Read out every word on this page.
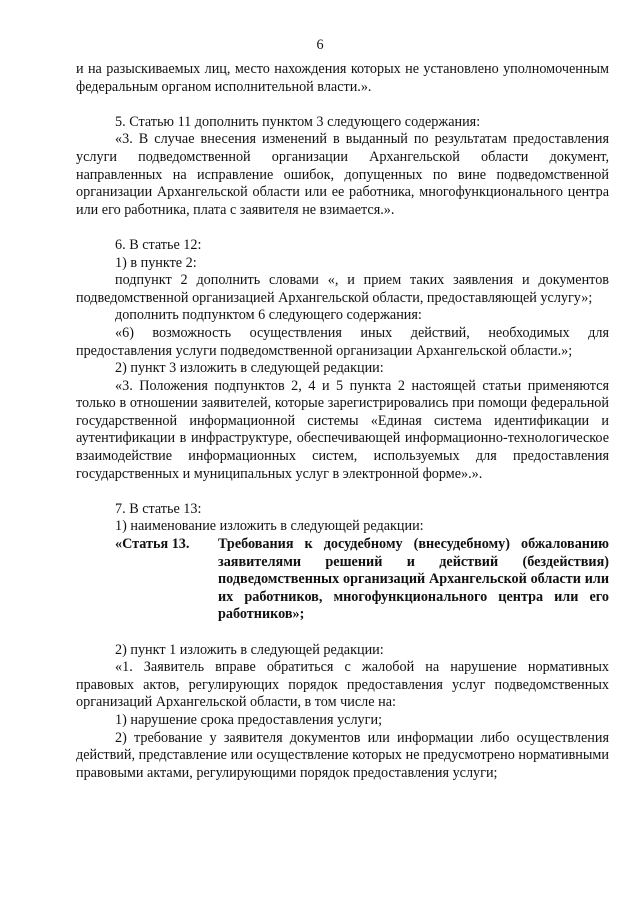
6

и на разыскиваемых лиц, место нахождения которых не установлено уполномоченным федеральным органом исполнительной власти.».

5. Статью 11 дополнить пунктом 3 следующего содержания:

«3. В случае внесения изменений в выданный по результатам предоставления услуги подведомственной организации Архангельской области документ, направленных на исправление ошибок, допущенных по вине подведомственной организации Архангельской области или ее работника, многофункционального центра или его работника, плата с заявителя не взимается.».

6. В статье 12:

1) в пункте 2:

подпункт 2 дополнить словами «, и прием таких заявления и документов подведомственной организацией Архангельской области, предоставляющей услугу»;

дополнить подпунктом 6 следующего содержания:

«6) возможность осуществления иных действий, необходимых для предоставления услуги подведомственной организации Архангельской области.»;

2) пункт 3 изложить в следующей редакции:

«3. Положения подпунктов 2, 4 и 5 пункта 2 настоящей статьи применяются только в отношении заявителей, которые зарегистрировались при помощи федеральной государственной информационной системы «Единая система идентификации и аутентификации в инфраструктуре, обеспечивающей информационно-технологическое взаимодействие информационных систем, используемых для предоставления государственных и муниципальных услуг в электронной форме».».

7. В статье 13:

1) наименование изложить в следующей редакции:

«Статья 13.	Требования к досудебному (внесудебному) обжалованию заявителями решений и действий (бездействия) подведомственных организаций Архангельской области или их работников, многофункционального центра или его работников»;

2) пункт 1 изложить в следующей редакции:

«1. Заявитель вправе обратиться с жалобой на нарушение нормативных правовых актов, регулирующих порядок предоставления услуг подведомственных организаций Архангельской области, в том числе на:

1) нарушение срока предоставления услуги;

2) требование у заявителя документов или информации либо осуществления действий, представление или осуществление которых не предусмотрено нормативными правовыми актами, регулирующими порядок предоставления услуги;
